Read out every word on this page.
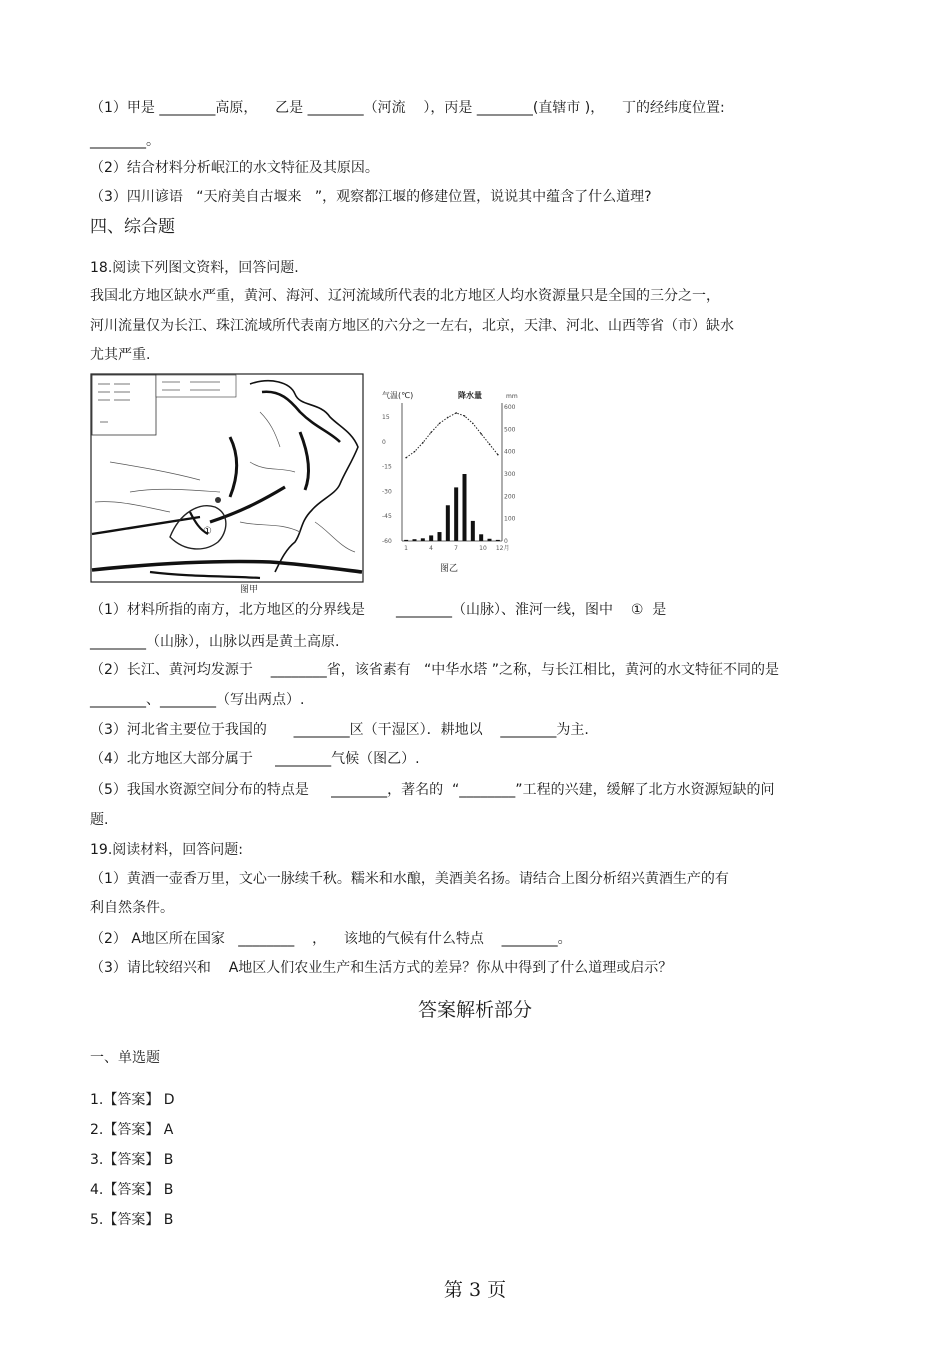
（1）甲是 ________高原，    乙是 ________（河流    ），丙是 ________(直辖市 )，    丁的经纬度位置:
________。
（2）结合材料分析岷江的水文特征及其原因。
（3）四川谚语   “天府美自古堰来   ”，观察都江堰的修建位置，说说其中蕴含了什么道理?
四、综合题
18.阅读下列图文资料，回答问题.
我国北方地区缺水严重，黄河、海河、辽河流域所代表的北方地区人均水资源量只是全国的三分之一，
河川流量仅为长江、珠江流域所代表南方地区的六分之一左右，北京，天津、河北、山西等省（市）缺水
尤其严重.
①
图甲
气温(℃)	降水量	mm
15
0
-15
-30
-45
-60
600
500
400
300
200
100
0
1	4	7	10 12月
图乙
（1）材料所指的南方，北方地区的分界线是       ________（山脉）、淮河一线，图中    ①  是
________（山脉），山脉以西是黄土高原.
（2）长江、黄河均发源于    ________省，该省素有   “中华水塔 ”之称，与长江相比，黄河的水文特征不同的是
________、________（写出两点）.
（3）河北省主要位于我国的      ________区（干湿区）．耕地以    ________为主.
（4）北方地区大部分属于     ________气候（图乙）.
（5）我国水资源空间分布的特点是     ________，著名的  “________”工程的兴建，缓解了北方水资源短缺的问
题.
19.阅读材料，回答问题:
（1）黄酒一壶香万里，文心一脉续千秋。糯米和水酿，美酒美名扬。请结合上图分析绍兴黄酒生产的有
利自然条件。
（2） A地区所在国家   ________    ，    该地的气候有什么特点    ________。
（3）请比较绍兴和    A地区人们农业生产和生活方式的差异？你从中得到了什么道理或启示？
答案解析部分
一、单选题
1.【答案】 D
2.【答案】 A
3.【答案】 B
4.【答案】 B
5.【答案】 B
第 3 页
